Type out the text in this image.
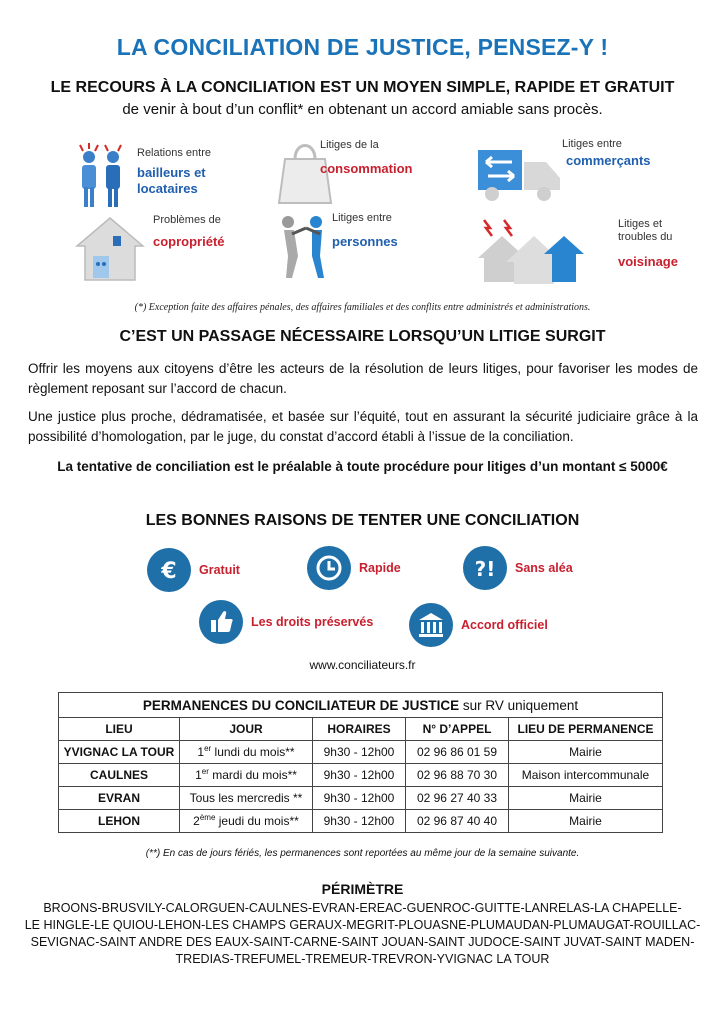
LA CONCILIATION DE JUSTICE, PENSEZ-Y !
LE RECOURS À LA CONCILIATION EST UN MOYEN SIMPLE, RAPIDE ET GRATUIT
de venir à bout d’un conflit* en obtenant un accord amiable sans procès.
Relations entre
bailleurs et locataires
Litiges de la
consommation
Litiges entre
commerçants
Problèmes de
copropriété
Litiges entre
personnes
Litiges et troubles du
voisinage
(*) Exception faite des affaires pénales, des affaires familiales et des conflits entre administrés et administrations.
C’EST UN PASSAGE NÉCESSAIRE LORSQU’UN LITIGE SURGIT
Offrir les moyens aux citoyens d’être les acteurs de la résolution de leurs litiges, pour favoriser les modes de règlement reposant sur l’accord de chacun.
Une justice plus proche, dédramatisée, et basée sur l’équité, tout en assurant la sécurité judiciaire grâce à la possibilité d’homologation, par le juge, du constat d’accord établi à l’issue de la conciliation.
La tentative de conciliation est le préalable à toute procédure pour litiges d’un montant ≤ 5000€
LES BONNES RAISONS DE TENTER UNE CONCILIATION
€ Gratuit	Rapide	?! Sans aléa
Les droits préservés	Accord officiel
www.conciliateurs.fr
PERMANENCES DU CONCILIATEUR DE JUSTICE sur RV uniquement				
LIEU	JOUR	HORAIRES	N° D’APPEL	LIEU DE PERMANENCE
YVIGNAC LA TOUR	1er lundi du mois**	9h30 - 12h00	02 96 86 01 59	Mairie
CAULNES	1er mardi du mois**	9h30 - 12h00	02 96 88 70 30	Maison intercommunale
EVRAN	Tous les mercredis **	9h30 - 12h00	02 96 27 40 33	Mairie
LEHON	2ème jeudi du mois**	9h30 - 12h00	02 96 87 40 40	Mairie
(**) En cas de jours fériés, les permanences sont reportées au même jour de la semaine suivante.
PÉRIMÈTRE
BROONS-BRUSVILY-CALORGUEN-CAULNES-EVRAN-EREAC-GUENROC-GUITTE-LANRELAS-LA CHAPELLE-
LE HINGLE-LE QUIOU-LEHON-LES CHAMPS GERAUX-MEGRIT-PLOUASNE-PLUMAUDAN-PLUMAUGAT-ROUILLAC-
SEVIGNAC-SAINT ANDRE DES EAUX-SAINT-CARNE-SAINT JOUAN-SAINT JUDOCE-SAINT JUVAT-SAINT MADEN-
TREDIAS-TREFUMEL-TREMEUR-TREVRON-YVIGNAC LA TOUR
